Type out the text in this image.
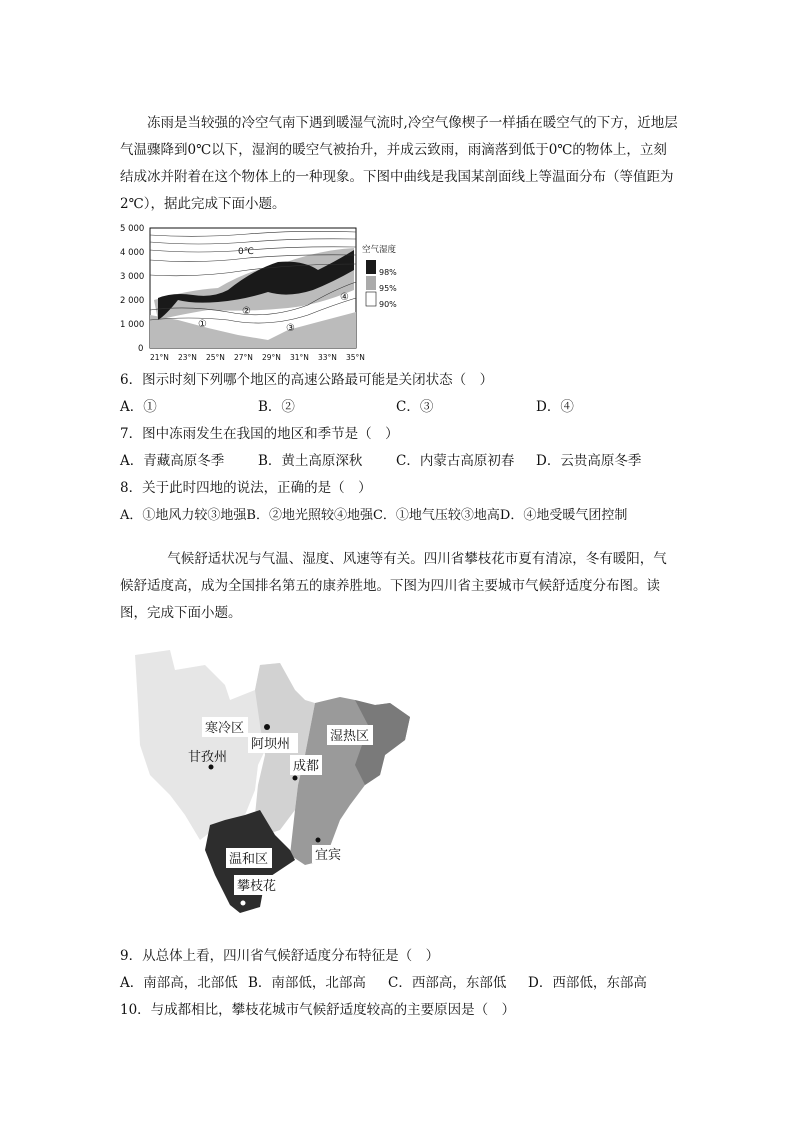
冻雨是当较强的冷空气南下遇到暖湿气流时,冷空气像楔子一样插在暖空气的下方，近地层气温骤降到0℃以下，湿润的暖空气被抬升，并成云致雨，雨滴落到低于0℃的物体上，立刻结成冰并附着在这个物体上的一种现象。下图中曲线是我国某剖面线上等温面分布（等值距为2℃），据此完成下面小题。

5 000
4 000
3 000
2 000
1 000
0
0℃
①
②
③
④
21°N 23°N 25°N 27°N 29°N 31°N 33°N 35°N
空气湿度
98%
95%
90%
6．图示时刻下列哪个地区的高速公路最可能是关闭状态（　）
A．①	B．②	C．③	D．④
7．图中冻雨发生在我国的地区和季节是（　）
A．青藏高原冬季	B．黄土高原深秋	C．内蒙古高原初春	D．云贵高原冬季
8．关于此时四地的说法，正确的是（　）
A．①地风力较③地强 B．②地光照较④地强 C．①地气压较③地高 D．④地受暖气团控制

气候舒适状况与气温、湿度、风速等有关。四川省攀枝花市夏有清凉，冬有暖阳，气候舒适度高，成为全国排名第五的康养胜地。下图为四川省主要城市气候舒适度分布图。读图，完成下面小题。

寒冷区
阿坝州
湿热区
甘孜州
成都
温和区	宜宾
攀枝花
9．从总体上看，四川省气候舒适度分布特征是（　）
A．南部高，北部低 B．南部低，北部高	C．西部高，东部低	D．西部低，东部高
10．与成都相比，攀枝花城市气候舒适度较高的主要原因是（　）
